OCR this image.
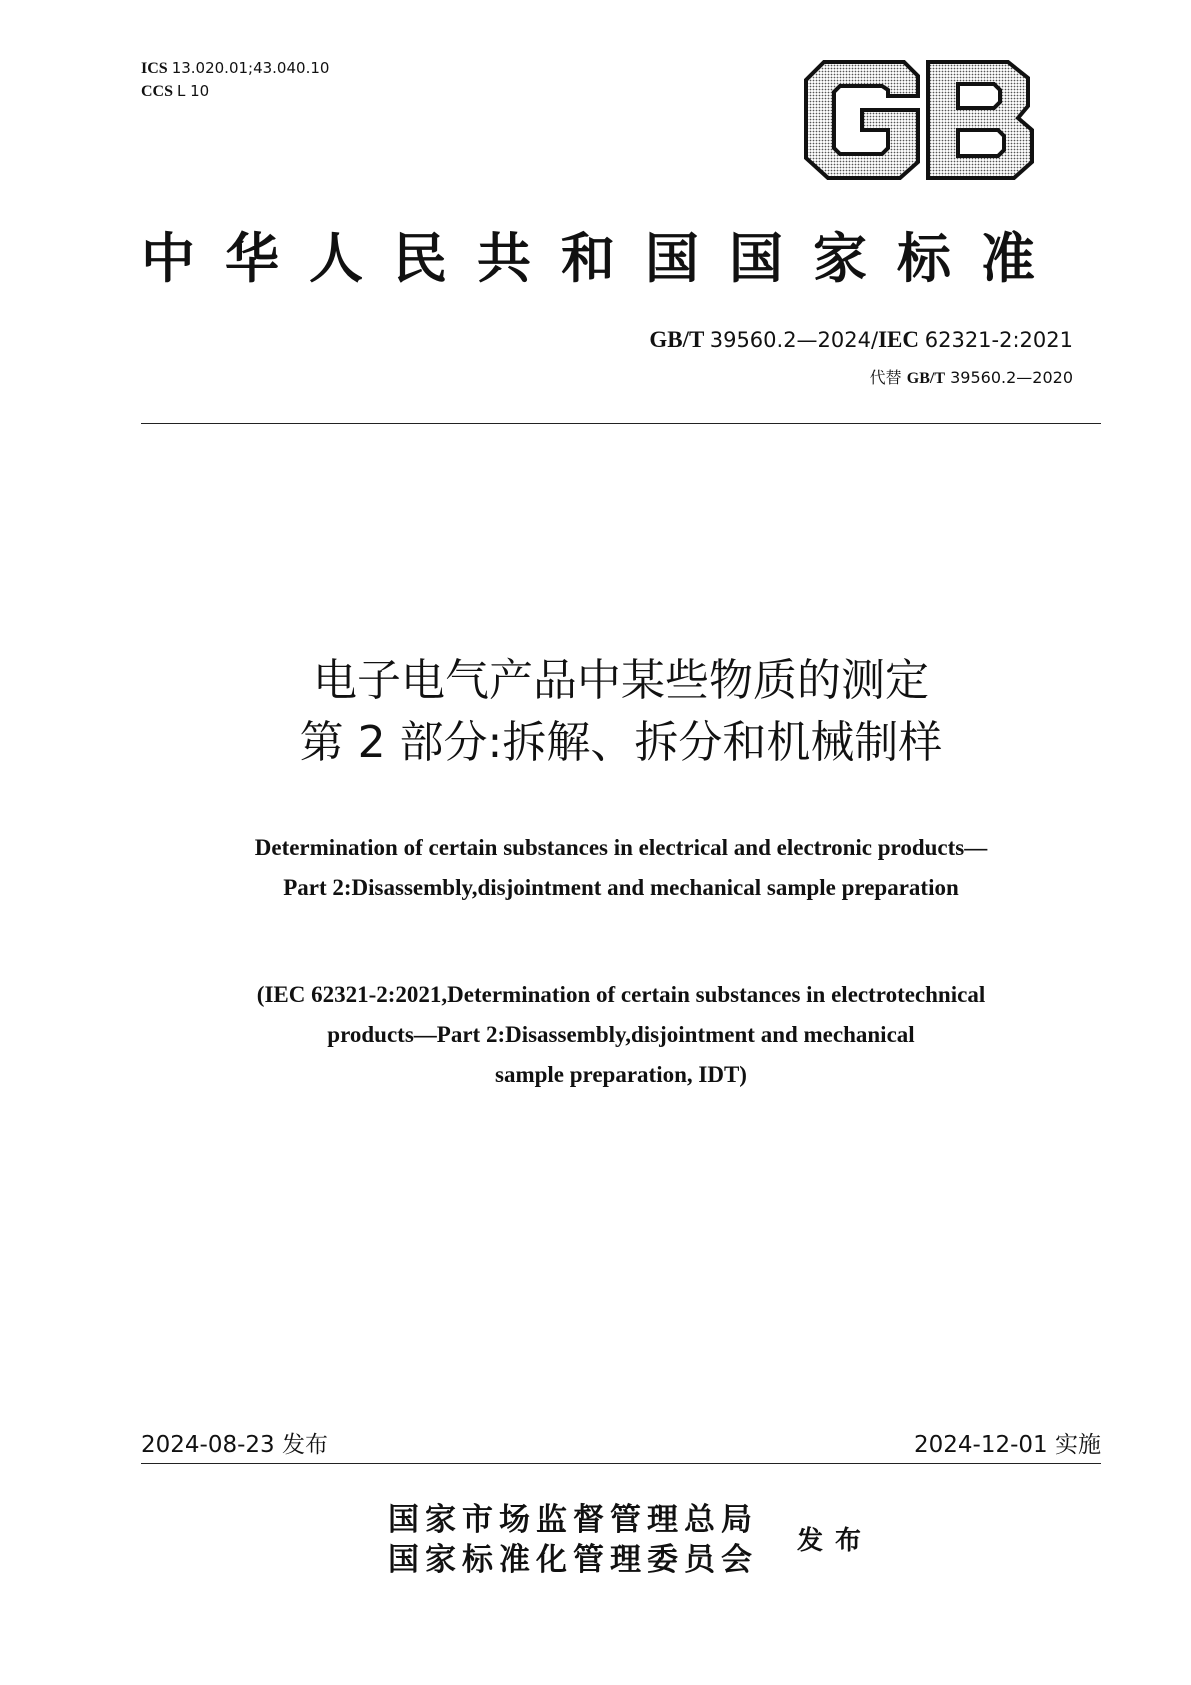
ICS 13.020.01;43.040.10
CCS L 10
中华人民共和国国家标准
GB/T 39560.2—2024/IEC 62321-2:2021
代替 GB/T 39560.2—2020
电子电气产品中某些物质的测定
第 2 部分:拆解、拆分和机械制样
Determination of certain substances in electrical and electronic products—
Part 2:Disassembly,disjointment and mechanical sample preparation
(IEC 62321-2:2021,Determination of certain substances in electrotechnical
products—Part 2:Disassembly,disjointment and mechanical
sample preparation, IDT)
2024-08-23 发布	2024-12-01 实施
国家市场监督管理总局
国家标准化管理委员会
发布
